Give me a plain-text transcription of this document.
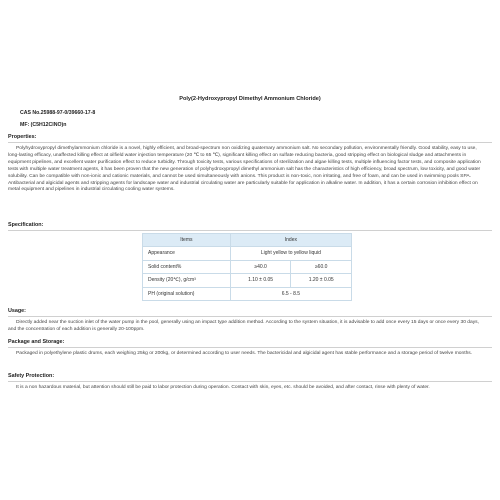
Poly(2-Hydroxypropyl Dimethyl Ammonium Chloride)
CAS No.25988-97-0/39660-17-8
MF: (C5H12ClNO)n
Properties:

Polyhydroxypropyl dimethylammonium chloride is a novel, highly efficient, and broad-spectrum non oxidizing quaternary ammonium salt. No secondary pollution, environmentally friendly. Good stability, easy to use, long-lasting efficacy, unaffected killing effect at oilfield water injection temperature (20 ℃ to 65 ℃), significant killing effect on sulfate reducing bacteria, good stripping effect on biological sludge and attachments in equipment pipelines, and excellent water purification effect to reduce turbidity. Through toxicity tests, various specifications of sterilization and algae killing tests, multiple influencing factor tests, and composite application tests with multiple water treatment agents, it has been proven that the new generation of polyhydroxypropyl dimethyl ammonium salt has the characteristics of high efficiency, broad spectrum, low toxicity, and good water solubility. Can be compatible with non-ionic and cationic materials, and cannot be used simultaneously with anions. This product is non-toxic, non irritating, and free of foam, and can be used in swimming pools SPA. Antibacterial and algicidal agents and stripping agents for landscape water and industrial circulating water are particularly suitable for application in alkaline water. In addition, it has a certain corrosion inhibition effect on metal equipment and pipelines in industrial circulating cooling water systems.

Specification:
Items	Index	
Appearance	Light yellow to yellow liquid	
Solid content%	≥40.0	≥60.0
Density (20℃), g/cm³	1.10 ± 0.05	1.20 ± 0.05
PH (original solution)	6.5 - 8.5	
Usage:

Directly added near the suction inlet of the water pump in the pool, generally using an impact type addition method. According to the system situation, it is advisable to add once every 15 days or once every 30 days, and the concentration of each addition is generally 20-100ppm.

Package and Storage:

Packaged in polyethylene plastic drums, each weighing 25kg or 200kg, or determined according to user needs. The bactericidal and algicidal agent has stable performance and a storage period of twelve months.

Safety Protection:

It is a non hazardous material, but attention should still be paid to labor protection during operation. Contact with skin, eyes, etc. should be avoided, and after contact, rinse with plenty of water.
